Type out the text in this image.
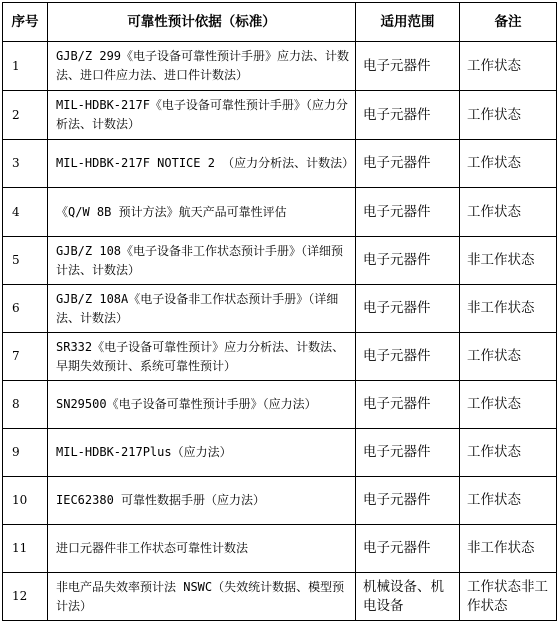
序号	可靠性预计依据（标准）	适用范围	备注
1	GJB/Z 299《电子设备可靠性预计手册》应力法、计数法、进口件应力法、进口件计数法）	电子元器件	工作状态
2	MIL-HDBK-217F《电子设备可靠性预计手册》（应力分析法、计数法）	电子元器件	工作状态
3	MIL-HDBK-217F NOTICE 2 （应力分析法、计数法）	电子元器件	工作状态
4	《Q/W 8B 预计方法》航天产品可靠性评估	电子元器件	工作状态
5	GJB/Z 108《电子设备非工作状态预计手册》（详细预计法、计数法）	电子元器件	非工作状态
6	GJB/Z 108A《电子设备非工作状态预计手册》（详细法、计数法）	电子元器件	非工作状态
7	SR332《电子设备可靠性预计》应力分析法、计数法、早期失效预计、系统可靠性预计）	电子元器件	工作状态
8	SN29500《电子设备可靠性预计手册》（应力法）	电子元器件	工作状态
9	MIL-HDBK-217Plus（应力法）	电子元器件	工作状态
10	IEC62380 可靠性数据手册（应力法）	电子元器件	工作状态
11	进口元器件非工作状态可靠性计数法	电子元器件	非工作状态
12	非电产品失效率预计法 NSWC（失效统计数据、模型预计法）	机械设备、机电设备	工作状态非工作状态
